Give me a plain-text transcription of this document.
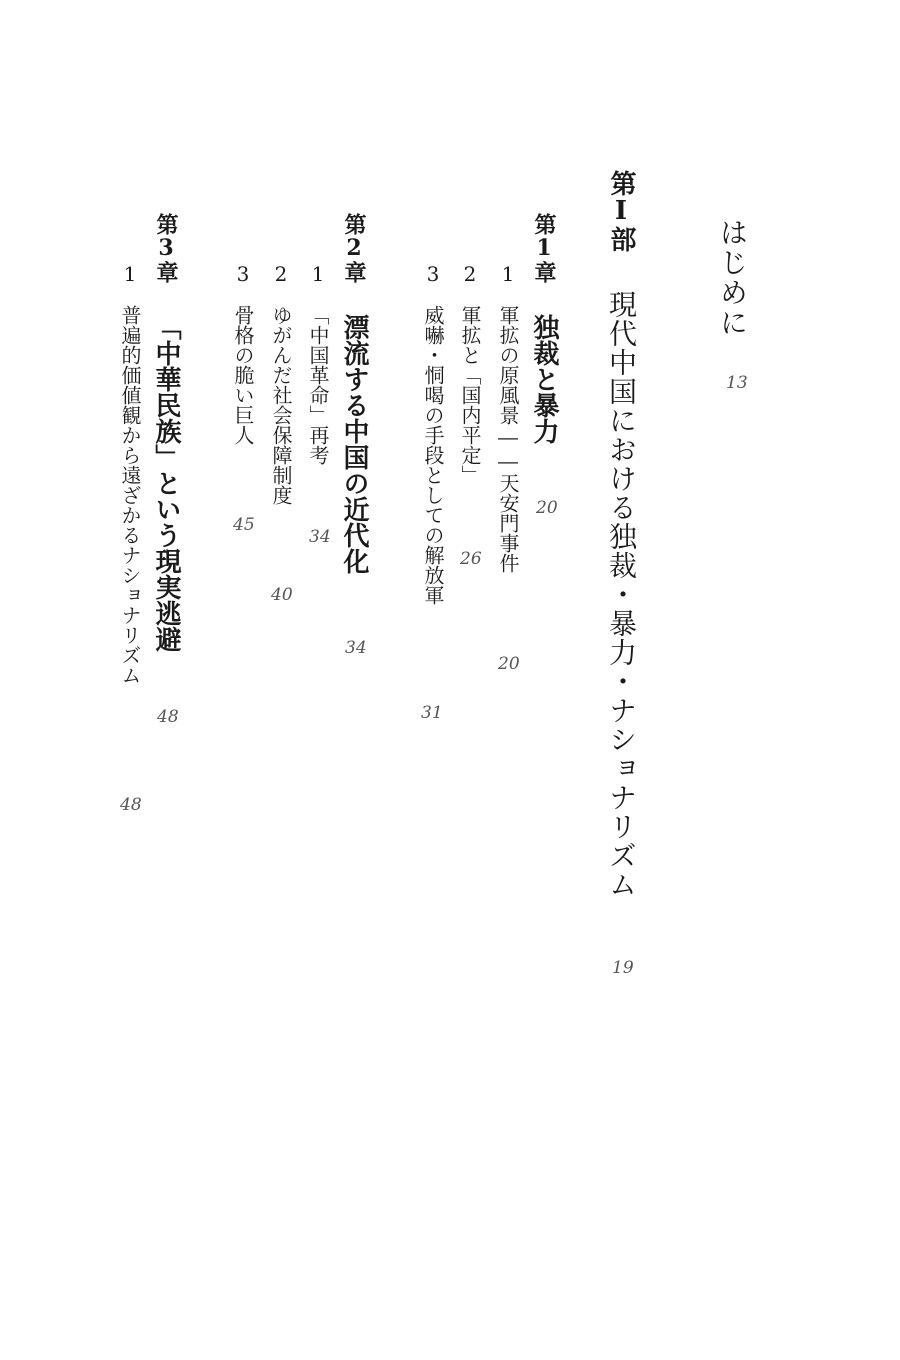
はじめに
13
第Ⅰ部
現代中国における独裁・暴力・ナショナリズム
19
第1章
独裁と暴力
20
1
軍拡の原風景――天安門事件
20
2
軍拡と「国内平定」
26
3
威嚇・恫喝の手段としての解放軍
31
第2章
漂流する中国の近代化
34
1
「中国革命」再考
34
2
ゆがんだ社会保障制度
40
3
骨格の脆い巨人
45
第3章
「中華民族」という現実逃避
48
1
普遍的価値観から遠ざかるナショナリズム
48
